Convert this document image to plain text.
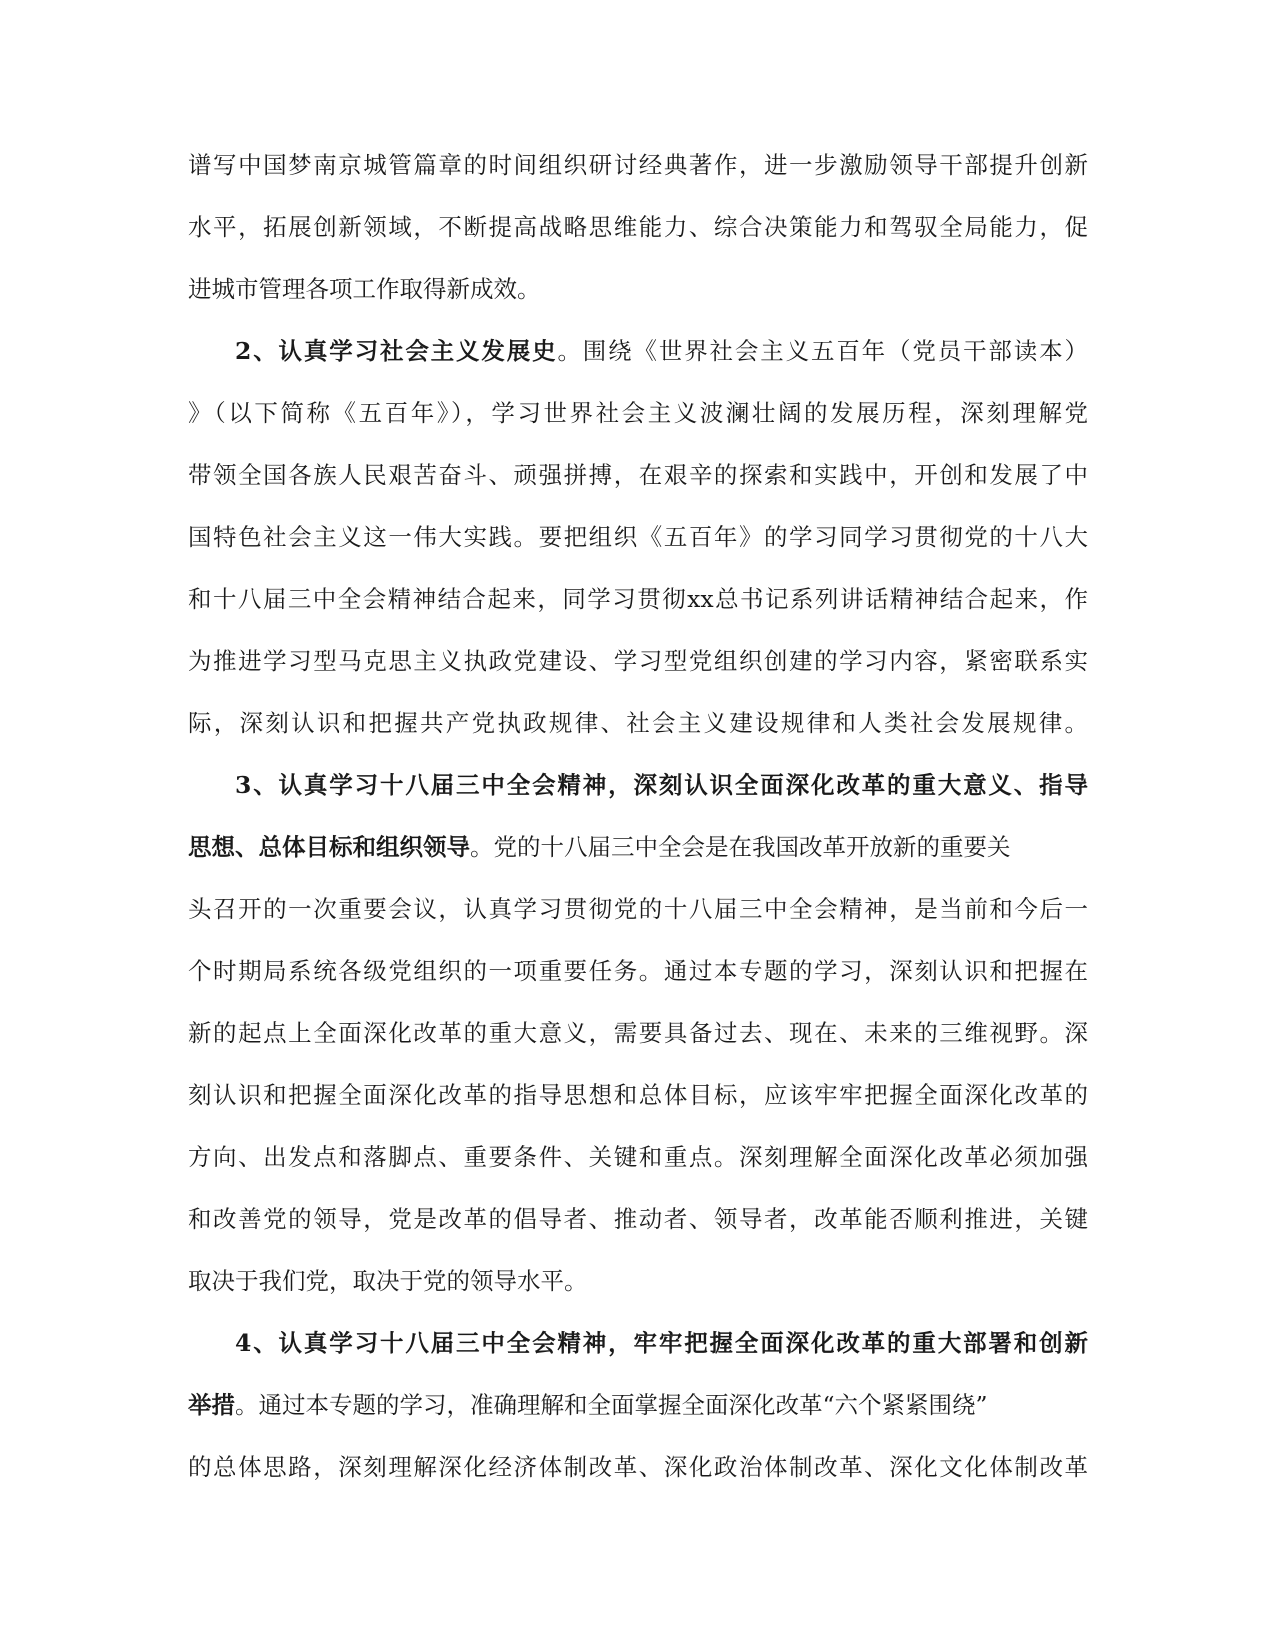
谱写中国梦南京城管篇章的时间组织研讨经典著作，进一步激励领导干部提升创新
水平，拓展创新领域，不断提高战略思维能力、综合决策能力和驾驭全局能力，促
进城市管理各项工作取得新成效。
2、认真学习社会主义发展史。围绕《世界社会主义五百年（党员干部读本）
》（以下简称《五百年》），学习世界社会主义波澜壮阔的发展历程，深刻理解党
带领全国各族人民艰苦奋斗、顽强拼搏，在艰辛的探索和实践中，开创和发展了中
国特色社会主义这一伟大实践。要把组织《五百年》的学习同学习贯彻党的十八大
和十八届三中全会精神结合起来，同学习贯彻xx总书记系列讲话精神结合起来，作
为推进学习型马克思主义执政党建设、学习型党组织创建的学习内容，紧密联系实
际，深刻认识和把握共产党执政规律、社会主义建设规律和人类社会发展规律。
3、认真学习十八届三中全会精神，深刻认识全面深化改革的重大意义、指导
思想、总体目标和组织领导。党的十八届三中全会是在我国改革开放新的重要关
头召开的一次重要会议，认真学习贯彻党的十八届三中全会精神，是当前和今后一
个时期局系统各级党组织的一项重要任务。通过本专题的学习，深刻认识和把握在
新的起点上全面深化改革的重大意义，需要具备过去、现在、未来的三维视野。深
刻认识和把握全面深化改革的指导思想和总体目标，应该牢牢把握全面深化改革的
方向、出发点和落脚点、重要条件、关键和重点。深刻理解全面深化改革必须加强
和改善党的领导，党是改革的倡导者、推动者、领导者，改革能否顺利推进，关键
取决于我们党，取决于党的领导水平。
4、认真学习十八届三中全会精神，牢牢把握全面深化改革的重大部署和创新
举措。通过本专题的学习，准确理解和全面掌握全面深化改革“六个紧紧围绕”
的总体思路，深刻理解深化经济体制改革、深化政治体制改革、深化文化体制改革
